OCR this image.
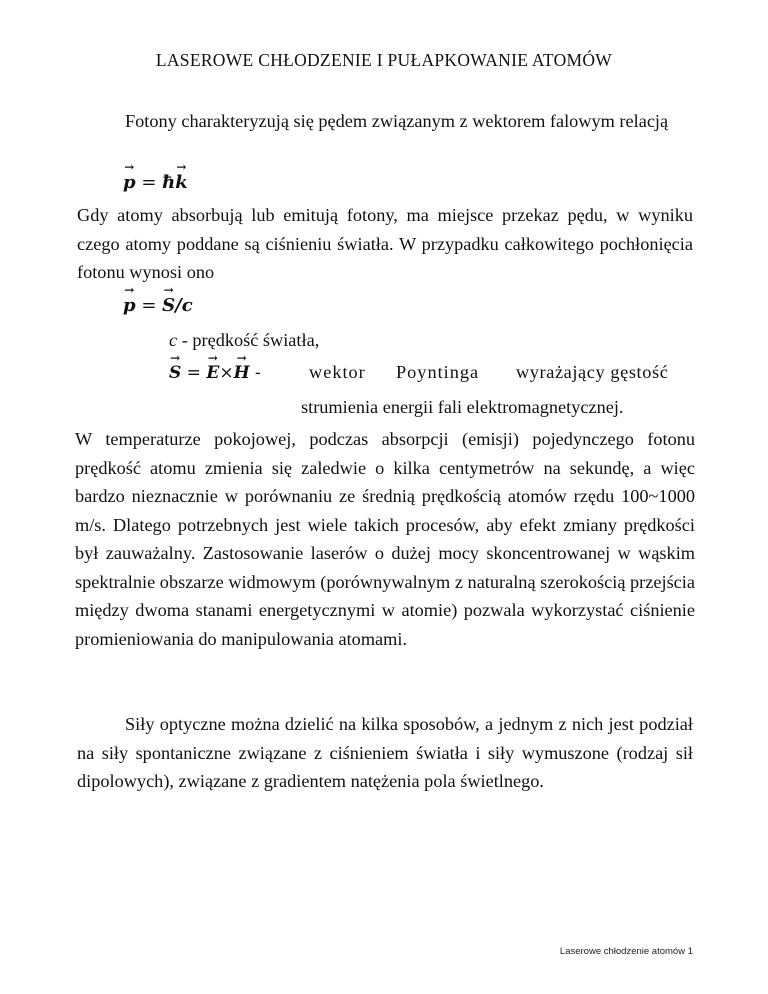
LASEROWE CHŁODZENIE I PUŁAPKOWANIE ATOMÓW

Fotony charakteryzują się pędem związanym z wektorem falowym relacją

→ p = ħ→ k

Gdy atomy absorbują lub emitują fotony, ma miejsce przekaz pędu, w wyniku czego atomy poddane są ciśnieniu światła. W przypadku całkowitego pochłonięcia fotonu wynosi ono

→ p = → S/c
c - prędkość światła,
→ S = → E×→ H -	wektor Poyntinga wyrażający gęstość
strumienia energii fali elektromagnetycznej.

W temperaturze pokojowej, podczas absorpcji (emisji) pojedynczego fotonu prędkość atomu zmienia się zaledwie o kilka centymetrów na sekundę, a więc bardzo nieznacznie w porównaniu ze średnią prędkością atomów rzędu 100~1000 m/s. Dlatego potrzebnych jest wiele takich procesów, aby efekt zmiany prędkości był zauważalny. Zastosowanie laserów o dużej mocy skoncentrowanej w wąskim spektralnie obszarze widmowym (porównywalnym z naturalną szerokością przejścia między dwoma stanami energetycznymi w atomie) pozwala wykorzystać ciśnienie promieniowania do manipulowania atomami.

Siły optyczne można dzielić na kilka sposobów, a jednym z nich jest podział na siły spontaniczne związane z ciśnieniem światła i siły wymuszone (rodzaj sił dipolowych), związane z gradientem natężenia pola świetlnego.

Laserowe chłodzenie atomów 1
